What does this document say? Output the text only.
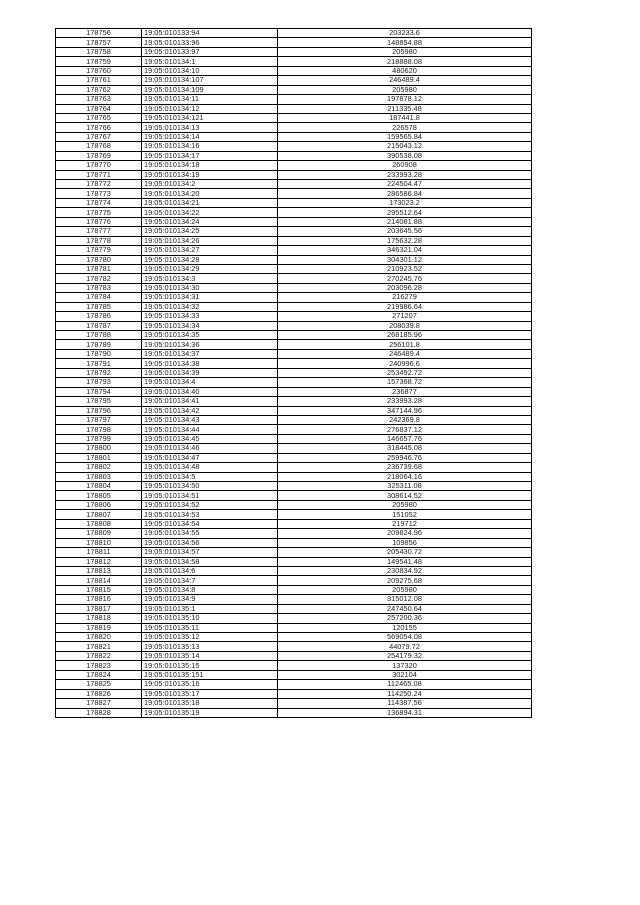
178756	19:05:010133:94	203233.6
178757	19:05:010133:96	148854.88
178758	19:05:010133:97	205980
178759	19:05:010134:1	218888.08
178760	19:05:010134:10	480620
178761	19:05:010134:107	246489.4
178762	19:05:010134:109	205980
178763	19:05:010134:11	197878.12
178764	19:05:010134:12	211335.48
178765	19:05:010134:121	187441.8
178766	19:05:010134:13	226578
178767	19:05:010134:14	159565.84
178768	19:05:010134:16	215043.12
178769	19:05:010134:17	390538.08
178770	19:05:010134:18	260908
178771	19:05:010134:19	233993.28
178772	19:05:010134:2	224504.47
178773	19:05:010134:20	286586.84
178774	19:05:010134:21	173023.2
178775	19:05:010134:22	295512.64
178776	19:05:010134:24	214081.88
178777	19:05:010134:25	203645.56
178778	19:05:010134:26	175632.28
178779	19:05:010134:27	346321.04
178780	19:05:010134:28	304301.12
178781	19:05:010134:29	210923.52
178782	19:05:010134:3	270245.76
178783	19:05:010134:30	203096.28
178784	19:05:010134:31	216279
178785	19:05:010134:32	219986.64
178786	19:05:010134:33	271207
178787	19:05:010134:34	208039.8
178788	19:05:010134:35	268185.96
178789	19:05:010134:36	256101.8
178790	19:05:010134:37	246489.4
178791	19:05:010134:38	240996.6
178792	19:05:010134:39	253492.72
178793	19:05:010134:4	157368.72
178794	19:05:010134:40	236877
178795	19:05:010134:41	233993.28
178796	19:05:010134:42	347144.96
178797	19:05:010134:43	242369.8
178798	19:05:010134:44	276837.12
178799	19:05:010134:45	146657.76
178800	19:05:010134:46	318445.08
178801	19:05:010134:47	259946.76
178802	19:05:010134:48	236739.68
178803	19:05:010134:5	218064.16
178804	19:05:010134:50	325311.08
178805	19:05:010134:51	308614.52
178806	19:05:010134:52	205980
178807	19:05:010134:53	151052
178808	19:05:010134:54	219712
178809	19:05:010134:55	209824.96
178810	19:05:010134:56	109856
178811	19:05:010134:57	205430.72
178812	19:05:010134:58	149541.48
178813	19:05:010134:6	230834.92
178814	19:05:010134:7	209275.68
178815	19:05:010134:8	205980
178816	19:05:010134:9	315012.08
178817	19:05:010135:1	247450.64
178818	19:05:010135:10	257200.36
178819	19:05:010135:11	120155
178820	19:05:010135:12	569054.08
178821	19:05:010135:13	44079.72
178822	19:05:010135:14	254179.32
178823	19:05:010135:15	137320
178824	19:05:010135:151	302104
178825	19:05:010135:16	112465.08
178826	19:05:010135:17	114250.24
178827	19:05:010135:18	114387.56
178828	19:05:010135:19	136894.31
